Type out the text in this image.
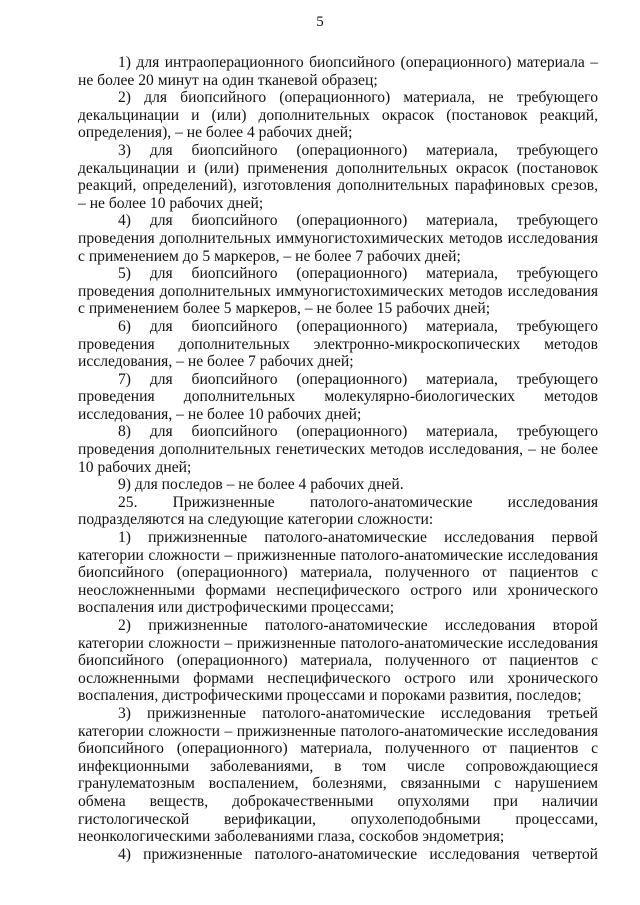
5

1) для интраоперационного биопсийного (операционного) материала – не более 20 минут на один тканевой образец;

2) для биопсийного (операционного) материала, не требующего декальцинации и (или) дополнительных окрасок (постановок реакций, определения), – не более 4 рабочих дней;

3) для биопсийного (операционного) материала, требующего декальцинации и (или) применения дополнительных окрасок (постановок реакций, определений), изготовления дополнительных парафиновых срезов, – не более 10 рабочих дней;

4) для биопсийного (операционного) материала, требующего проведения дополнительных иммуногистохимических методов исследования с применением до 5 маркеров, – не более 7 рабочих дней;

5) для биопсийного (операционного) материала, требующего проведения дополнительных иммуногистохимических методов исследования с применением более 5 маркеров, – не более 15 рабочих дней;

6) для биопсийного (операционного) материала, требующего проведения дополнительных электронно-микроскопических методов исследования, – не более 7 рабочих дней;

7) для биопсийного (операционного) материала, требующего проведения дополнительных молекулярно-биологических методов исследования, – не более 10 рабочих дней;

8) для биопсийного (операционного) материала, требующего проведения дополнительных генетических методов исследования, – не более 10 рабочих дней;

9) для последов – не более 4 рабочих дней.

25. Прижизненные патолого-анатомические исследования подразделяются на следующие категории сложности:

1) прижизненные патолого-анатомические исследования первой категории сложности – прижизненные патолого-анатомические исследования биопсийного (операционного) материала, полученного от пациентов с неосложненными формами неспецифического острого или хронического воспаления или дистрофическими процессами;

2) прижизненные патолого-анатомические исследования второй категории сложности – прижизненные патолого-анатомические исследования биопсийного (операционного) материала, полученного от пациентов с осложненными формами неспецифического острого или хронического воспаления, дистрофическими процессами и пороками развития, последов;

3) прижизненные патолого-анатомические исследования третьей категории сложности – прижизненные патолого-анатомические исследования биопсийного (операционного) материала, полученного от пациентов с инфекционными заболеваниями, в том числе сопровождающиеся гранулематозным воспалением, болезнями, связанными с нарушением обмена веществ, доброкачественными опухолями при наличии гистологической верификации, опухолеподобными процессами, неонкологическими заболеваниями глаза, соскобов эндометрия;

4) прижизненные патолого-анатомические исследования четвертой
